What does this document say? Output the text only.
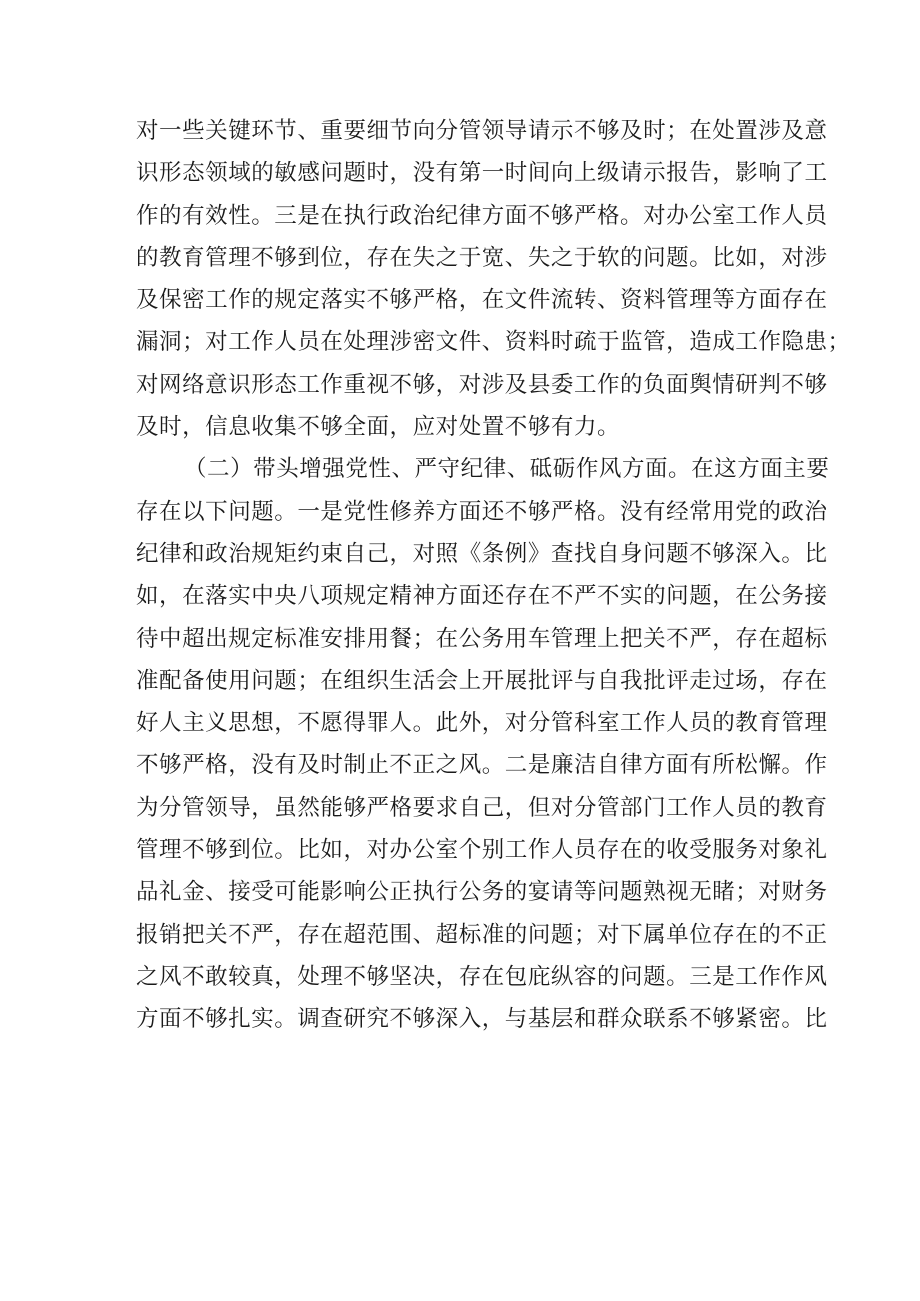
对一些关键环节、重要细节向分管领导请示不够及时；在处置涉及意
识形态领域的敏感问题时，没有第一时间向上级请示报告，影响了工
作的有效性。三是在执行政治纪律方面不够严格。对办公室工作人员
的教育管理不够到位，存在失之于宽、失之于软的问题。比如，对涉
及保密工作的规定落实不够严格，在文件流转、资料管理等方面存在
漏洞；对工作人员在处理涉密文件、资料时疏于监管，造成工作隐患；
对网络意识形态工作重视不够，对涉及县委工作的负面舆情研判不够
及时，信息收集不够全面，应对处置不够有力。
（二）带头增强党性、严守纪律、砥砺作风方面。在这方面主要
存在以下问题。一是党性修养方面还不够严格。没有经常用党的政治
纪律和政治规矩约束自己，对照《条例》查找自身问题不够深入。比
如，在落实中央八项规定精神方面还存在不严不实的问题，在公务接
待中超出规定标准安排用餐；在公务用车管理上把关不严，存在超标
准配备使用问题；在组织生活会上开展批评与自我批评走过场，存在
好人主义思想，不愿得罪人。此外，对分管科室工作人员的教育管理
不够严格，没有及时制止不正之风。二是廉洁自律方面有所松懈。作
为分管领导，虽然能够严格要求自己，但对分管部门工作人员的教育
管理不够到位。比如，对办公室个别工作人员存在的收受服务对象礼
品礼金、接受可能影响公正执行公务的宴请等问题熟视无睹；对财务
报销把关不严，存在超范围、超标准的问题；对下属单位存在的不正
之风不敢较真，处理不够坚决，存在包庇纵容的问题。三是工作作风
方面不够扎实。调查研究不够深入，与基层和群众联系不够紧密。比
